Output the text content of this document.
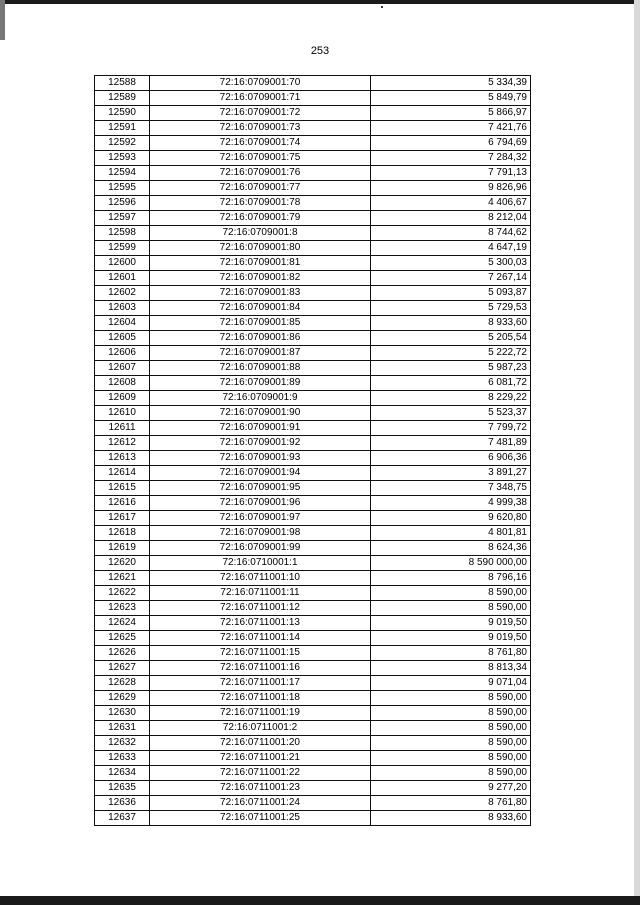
253
12588	72:16:0709001:70	5 334,39
12589	72:16:0709001:71	5 849,79
12590	72:16:0709001:72	5 866,97
12591	72:16:0709001:73	7 421,76
12592	72:16:0709001:74	6 794,69
12593	72:16:0709001:75	7 284,32
12594	72:16:0709001:76	7 791,13
12595	72:16:0709001:77	9 826,96
12596	72:16:0709001:78	4 406,67
12597	72:16:0709001:79	8 212,04
12598	72:16:0709001:8	8 744,62
12599	72:16:0709001:80	4 647,19
12600	72:16:0709001:81	5 300,03
12601	72:16:0709001:82	7 267,14
12602	72:16:0709001:83	5 093,87
12603	72:16:0709001:84	5 729,53
12604	72:16:0709001:85	8 933,60
12605	72:16:0709001:86	5 205,54
12606	72:16:0709001:87	5 222,72
12607	72:16:0709001:88	5 987,23
12608	72:16:0709001:89	6 081,72
12609	72:16:0709001:9	8 229,22
12610	72:16:0709001:90	5 523,37
12611	72:16:0709001:91	7 799,72
12612	72:16:0709001:92	7 481,89
12613	72:16:0709001:93	6 906,36
12614	72:16:0709001:94	3 891,27
12615	72:16:0709001:95	7 348,75
12616	72:16:0709001:96	4 999,38
12617	72:16:0709001:97	9 620,80
12618	72:16:0709001:98	4 801,81
12619	72:16:0709001:99	8 624,36
12620	72:16:0710001:1	8 590 000,00
12621	72:16:0711001:10	8 796,16
12622	72:16:0711001:11	8 590,00
12623	72:16:0711001:12	8 590,00
12624	72:16:0711001:13	9 019,50
12625	72:16:0711001:14	9 019,50
12626	72:16:0711001:15	8 761,80
12627	72:16:0711001:16	8 813,34
12628	72:16:0711001:17	9 071,04
12629	72:16:0711001:18	8 590,00
12630	72:16:0711001:19	8 590,00
12631	72:16:0711001:2	8 590,00
12632	72:16:0711001:20	8 590,00
12633	72:16:0711001:21	8 590,00
12634	72:16:0711001:22	8 590,00
12635	72:16:0711001:23	9 277,20
12636	72:16:0711001:24	8 761,80
12637	72:16:0711001:25	8 933,60
